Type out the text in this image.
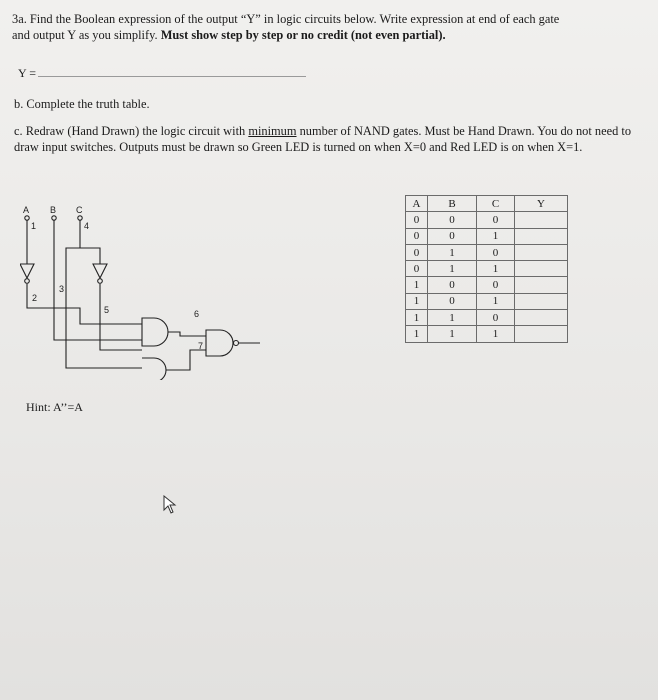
3a. Find the Boolean expression of the output “Y” in logic circuits below. Write expression at end of each gate
and output Y as you simplify. Must show step by step or no credit (not even partial).
Y =
b. Complete the truth table.
c. Redraw (Hand Drawn) the logic circuit with minimum number of NAND gates. Must be Hand Drawn. You do not need to draw input switches. Outputs must be drawn so Green LED is turned on when X=0 and Red LED is on when X=1.
A B C
1	4
2
3
5	6
7
Hint: A’’=A
A	B	C	Y
0	0	0	
0	0	1	
0	1	0	
0	1	1	
1	0	0	
1	0	1	
1	1	0	
1	1	1	
